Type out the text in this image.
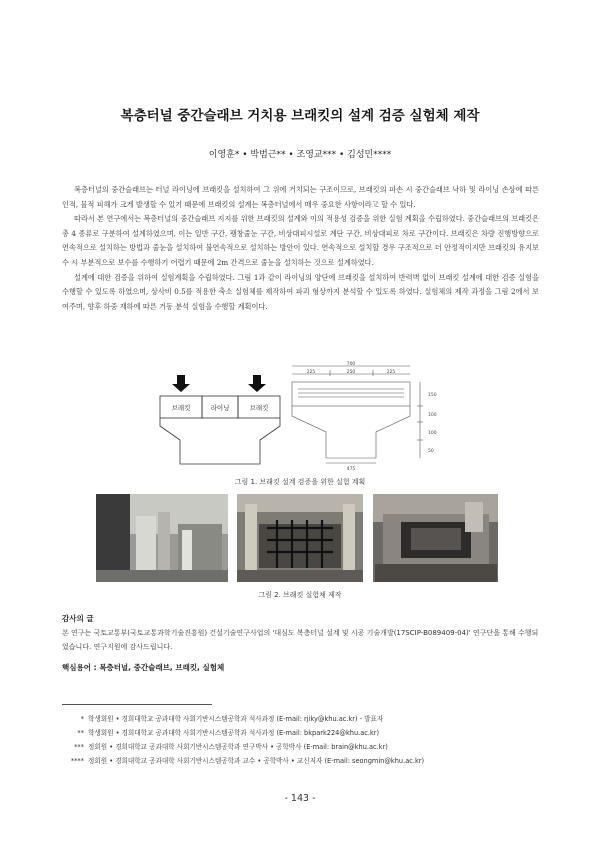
복층터널 중간슬래브 거치용 브래킷의 설계 검증 실험체 제작
이영훈* • 박범근** • 조영교*** • 김성민****

복층터널의 중간슬래브는 터널 라이닝에 브래킷을 설치하여 그 위에 거치되는 구조이므로, 브래킷의 파손 시 중간슬래브 낙하 및 라이닝 손상에 따른 인적, 물적 피해가 크게 발생할 수 있기 때문에 브래킷의 설계는 복층터널에서 매우 중요한 사항이라고 할 수 있다.

따라서 본 연구에서는 복층터널의 중간슬래브 지지를 위한 브래킷의 설계와 이의 적용성 검증을 위한 실험 계획을 수립하였다. 중간슬래브의 브래킷은 총 4 종류로 구분하여 설계하였으며, 이는 일반 구간, 팽창줄눈 구간, 비상대피시설로 계단 구간, 비상대피로 차로 구간이다. 브래킷은 차량 진행방향으로 연속적으로 설치하는 방법과 줄눈을 설치하여 불연속적으로 설치하는 방안이 있다. 연속적으로 설치할 경우 구조적으로 더 안정적이지만 브래킷의 유지보수 시 부분적으로 보수를 수행하기 어렵기 때문에 2m 간격으로 줄눈을 설치하는 것으로 설계하였다.

설계에 대한 검증을 위하여 실험계획을 수립하였다. 그림 1과 같이 라이닝의 양단에 브래킷을 설치하여 반력벽 없이 브래킷 설계에 대한 검증 실험을 수행할 수 있도록 하였으며, 상사비 0.5를 적용한 축소 실험체를 제작하여 파괴 형상까지 분석할 수 있도록 하였다. 실험체의 제작 과정을 그림 2에서 보여주며, 향후 하중 재하에 따른 거동 분석 실험을 수행할 계획이다.

브래킷	라이닝	브래킷
700
225	250	225
150
100
100
50
475
그림 1. 브래킷 설계 검증을 위한 실험 계획
그림 2. 브래킷 실험체 제작
감사의 글
본 연구는 국토교통부(국토교통과학기술진흥원) 건설기술연구사업의 '대심도 복층터널 설계 및 시공 기술개발(17SCIP-B089409-04)' 연구단을 통해 수행되었습니다. 연구지원에 감사드립니다.
핵심용어 : 복층터널, 중간슬래브, 브래킷, 실험체
* 학생회원 • 경희대학교 공과대학 사회기반시스템공학과 석사과정 (E-mail: rjiky@khu.ac.kr) - 발표자
** 학생회원 • 경희대학교 공과대학 사회기반시스템공학과 석사과정 (E-mail: bkpark224@khu.ac.kr)
*** 정회원 • 경희대학교 공과대학 사회기반시스템공학과 연구박사 • 공학박사 (E-mail: brain@khu.ac.kr)
**** 정회원 • 경희대학교 공과대학 사회기반시스템공학과 교수 • 공학박사 • 교신저자 (E-mail: seongmin@khu.ac.kr)
- 143 -
